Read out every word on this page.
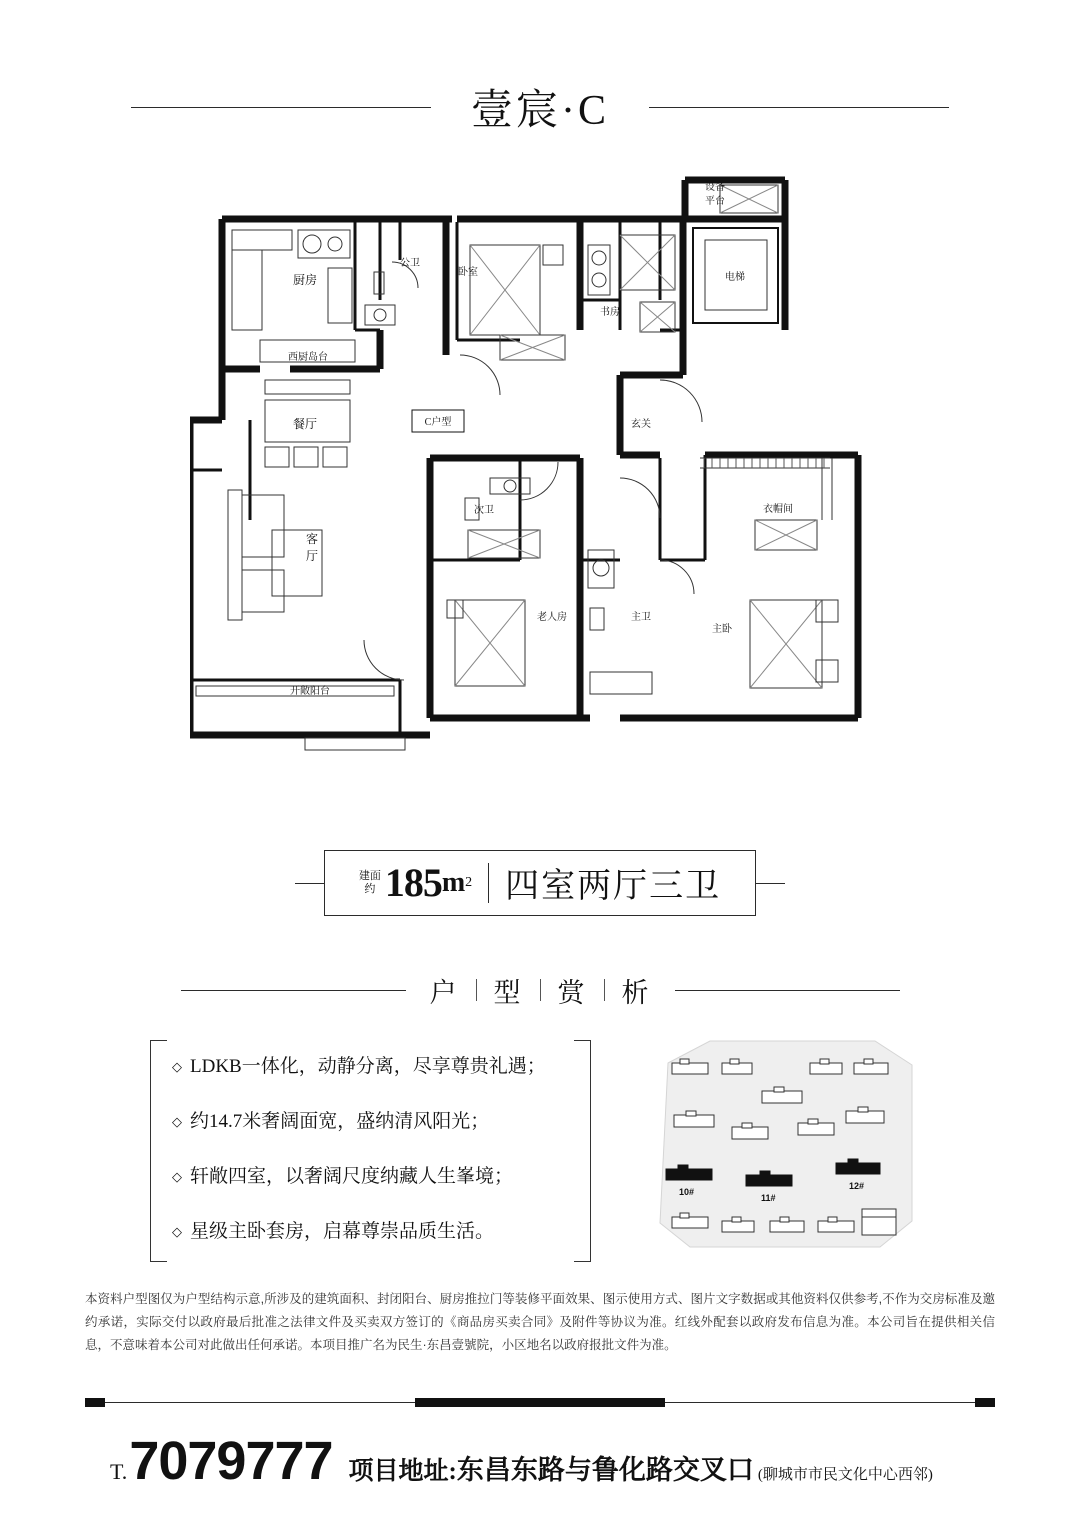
壹宸·C
厨房
公卫
卧室
书房
设备
平台
电梯
西厨岛台
餐厅
客
厅
玄关
衣帽间
次卫
老人房	主卫
主卧
开敞阳台
C户型
建面
约 185 m 2 四室两厅三卫
户 型 赏 析
◇ LDKB一体化，动静分离，尽享尊贵礼遇；
◇ 约14.7米奢阔面宽，盛纳清风阳光；
◇ 轩敞四室，以奢阔尺度纳藏人生峯境；
◇ 星级主卧套房，启幕尊崇品质生活。
10#
11#
12#
本资料户型图仅为户型结构示意,所涉及的建筑面积、封闭阳台、厨房推拉门等装修平面效果、图示使用方式、图片文字数据或其他资料仅供参考,不作为交房标准及邀约承诺，实际交付以政府最后批准之法律文件及买卖双方签订的《商品房买卖合同》及附件等协议为准。红线外配套以政府发布信息为准。本公司旨在提供相关信息，不意味着本公司对此做出任何承诺。本项目推广名为民生·东昌壹號院，小区地名以政府报批文件为准。
T. 7079777 项目地址: 东昌东路与鲁化路交叉口 (聊城市市民文化中心西邻)
